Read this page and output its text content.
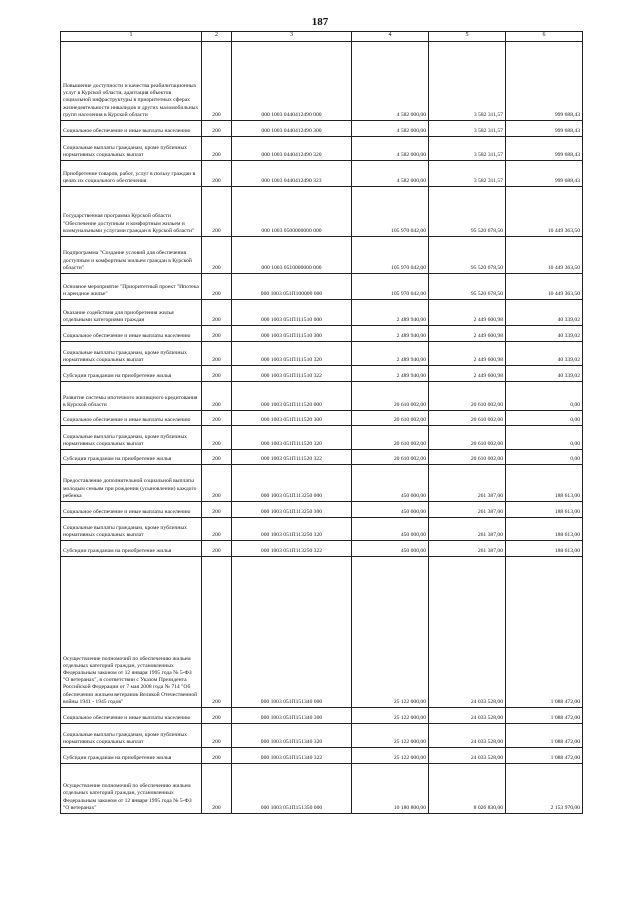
187
1	2	3	4	5	6
Повышение доступности и качества реабилитационных услуг в Курской области, адаптация объектов социальной инфраструктуры в приоритетных сферах жизнедеятельности инвалидов и других маломобильных групп населения в Курской области	200	000 1003 0440412490 000	4 582 000,00	3 582 311,57	999 688,43
Социальное обеспечение и иные выплаты населению	200	000 1003 0440412490 300	4 582 000,00	3 582 311,57	999 688,43
Социальные выплаты гражданам, кроме публичных нормативных социальных выплат	200	000 1003 0440412490 320	4 582 000,00	3 582 311,57	999 688,43
Приобретение товаров, работ, услуг в пользу граждан в целях их социального обеспечения	200	000 1003 0440412490 323	4 582 000,00	3 582 311,57	999 688,43
Государственная программа Курской области "Обеспечение доступным и комфортным жильем и коммунальными услугами граждан в Курской области"	200	000 1003 0500000000 000	105 970 042,00	95 520 678,50	10 449 363,50
Подпрограмма "Создание условий для обеспечения доступным и комфортным жильем граждан в Курской области"	200	000 1003 0510000000 000	105 970 042,00	95 520 678,50	10 449 363,50
Основное мероприятие "Приоритетный проект "Ипотека и арендное жилье"	200	000 1003 051П100000 000	105 970 042,00	95 520 678,50	10 449 363,50
Оказание содействия для приобретения жилья отдельными категориями граждан	200	000 1003 051П111510 000	2 489 940,00	2 449 600,98	40 339,02
Социальное обеспечение и иные выплаты населению	200	000 1003 051П111510 300	2 489 940,00	2 449 600,98	40 339,02
Социальные выплаты гражданам, кроме публичных нормативных социальных выплат	200	000 1003 051П111510 320	2 489 940,00	2 449 600,98	40 339,02
Субсидии гражданам на приобретение жилья	200	000 1003 051П111510 322	2 489 940,00	2 449 600,98	40 339,02
Развитие системы ипотечного жилищного кредитования в Курской области	200	000 1003 051П111520 000	20 610 002,00	20 610 002,00	0,00
Социальное обеспечение и иные выплаты населению	200	000 1003 051П111520 300	20 610 002,00	20 610 002,00	0,00
Социальные выплаты гражданам, кроме публичных нормативных социальных выплат	200	000 1003 051П111520 320	20 610 002,00	20 610 002,00	0,00
Субсидии гражданам на приобретение жилья	200	000 1003 051П111520 322	20 610 002,00	20 610 002,00	0,00
Предоставление дополнительной социальной выплаты молодым семьям при рождении (усыновлении) каждого ребенка	200	000 1003 051П113250 000	450 000,00	261 387,00	188 613,00
Социальное обеспечение и иные выплаты населению	200	000 1003 051П113250 300	450 000,00	261 387,00	188 613,00
Социальные выплаты гражданам, кроме публичных нормативных социальных выплат	200	000 1003 051П113250 320	450 000,00	261 387,00	188 613,00
Субсидии гражданам на приобретение жилья	200	000 1003 051П113250 322	450 000,00	261 387,00	188 613,00
Осуществление полномочий по обеспечению жильем отдельных категорий граждан, установленных Федеральным законом от 12 января 1995 года № 5-ФЗ "О ветеранах", в соответствии с Указом Президента Российской Федерации от 7 мая 2008 года № 714 "Об обеспечении жильем ветеранов Великой Отечественной войны 1941 - 1945 годов"	200	000 1003 051П151340 000	25 122 000,00	24 033 528,00	1 088 472,00
Социальное обеспечение и иные выплаты населению	200	000 1003 051П151340 300	25 122 000,00	24 033 528,00	1 088 472,00
Социальные выплаты гражданам, кроме публичных нормативных социальных выплат	200	000 1003 051П151340 320	25 122 000,00	24 033 528,00	1 088 472,00
Субсидии гражданам на приобретение жилья	200	000 1003 051П151340 322	25 122 000,00	24 033 528,00	1 088 472,00
Осуществление полномочий по обеспечению жильем отдельных категорий граждан, установленных Федеральным законом от 12 января 1995 года № 5-ФЗ "О ветеранах"	200	000 1003 051П151350 000	10 180 800,00	8 026 830,00	2 153 970,00
